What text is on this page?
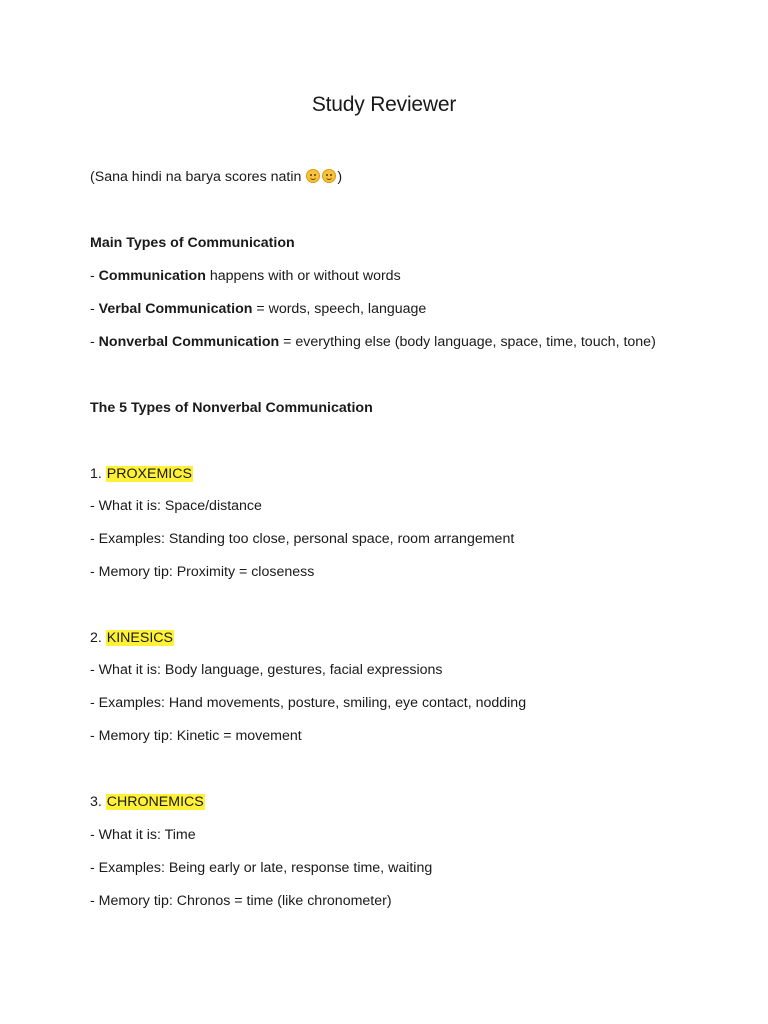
Study Reviewer

(Sana hindi na barya scores natin )

Main Types of Communication

- Communication happens with or without words

- Verbal Communication = words, speech, language

- Nonverbal Communication = everything else (body language, space, time, touch, tone)

The 5 Types of Nonverbal Communication

1. PROXEMICS

- What it is: Space/distance

- Examples: Standing too close, personal space, room arrangement

- Memory tip: Proximity = closeness

2. KINESICS

- What it is: Body language, gestures, facial expressions

- Examples: Hand movements, posture, smiling, eye contact, nodding

- Memory tip: Kinetic = movement

3. CHRONEMICS

- What it is: Time

- Examples: Being early or late, response time, waiting

- Memory tip: Chronos = time (like chronometer)
